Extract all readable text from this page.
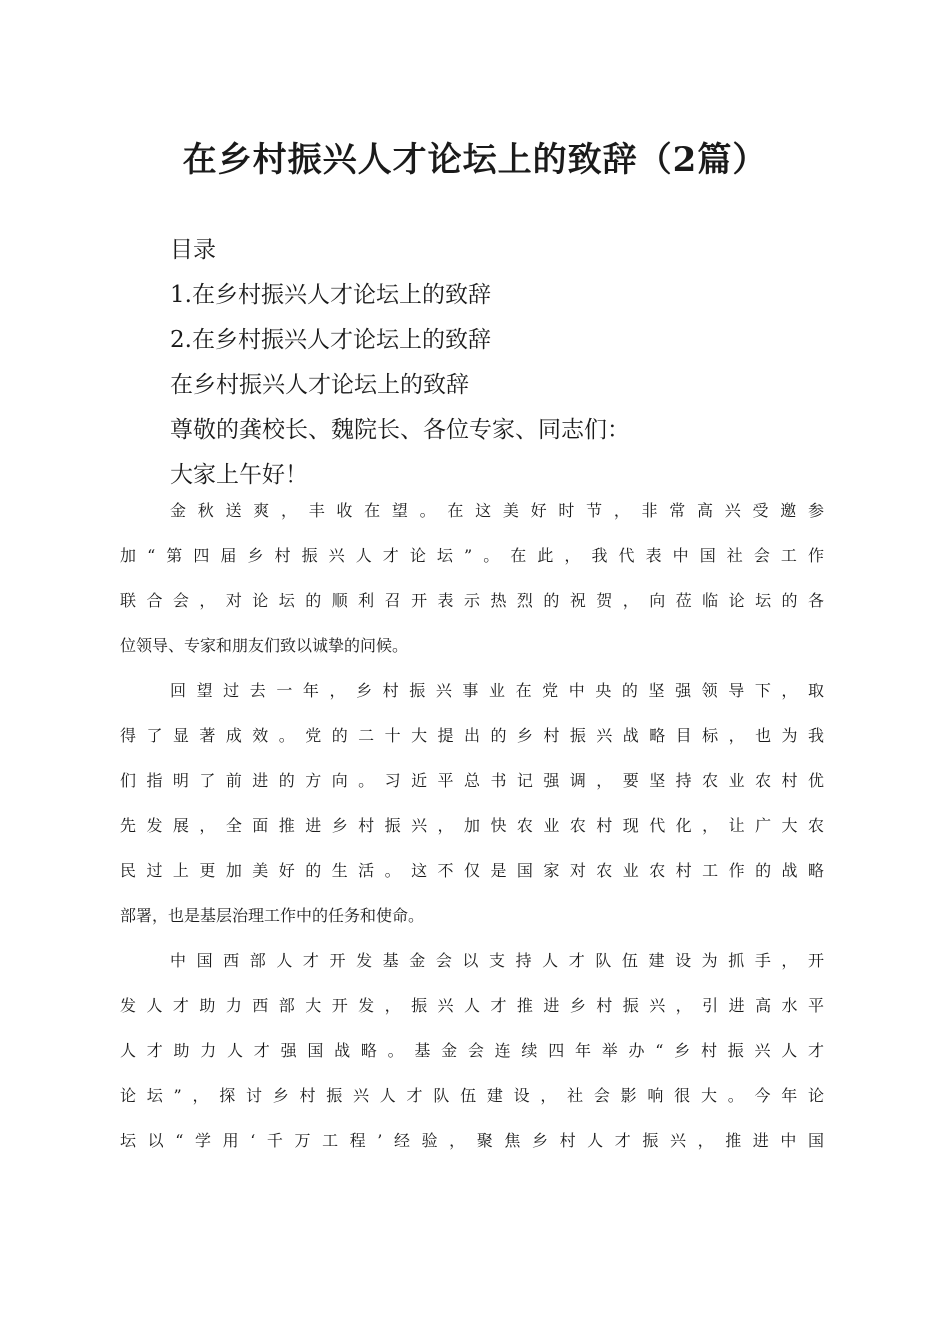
在乡村振兴人才论坛上的致辞（2篇）

目录

1.在乡村振兴人才论坛上的致辞

2.在乡村振兴人才论坛上的致辞

在乡村振兴人才论坛上的致辞

尊敬的龚校长、魏院长、各位专家、同志们：

大家上午好！

金秋送爽，丰收在望。在这美好时节，非常高兴受邀参
加“第四届乡村振兴人才论坛”。在此，我代表中国社会工作
联合会，对论坛的顺利召开表示热烈的祝贺，向莅临论坛的各
位领导、专家和朋友们致以诚挚的问候。
回望过去一年，乡村振兴事业在党中央的坚强领导下，取
得了显著成效。党的二十大提出的乡村振兴战略目标，也为我
们指明了前进的方向。习近平总书记强调，要坚持农业农村优
先发展，全面推进乡村振兴，加快农业农村现代化，让广大农
民过上更加美好的生活。这不仅是国家对农业农村工作的战略
部署，也是基层治理工作中的任务和使命。
中国西部人才开发基金会以支持人才队伍建设为抓手，开
发人才助力西部大开发，振兴人才推进乡村振兴，引进高水平
人才助力人才强国战略。基金会连续四年举办“乡村振兴人才
论坛”，探讨乡村振兴人才队伍建设，社会影响很大。今年论
坛以“学用‘千万工程’经验，聚焦乡村人才振兴，推进中国
